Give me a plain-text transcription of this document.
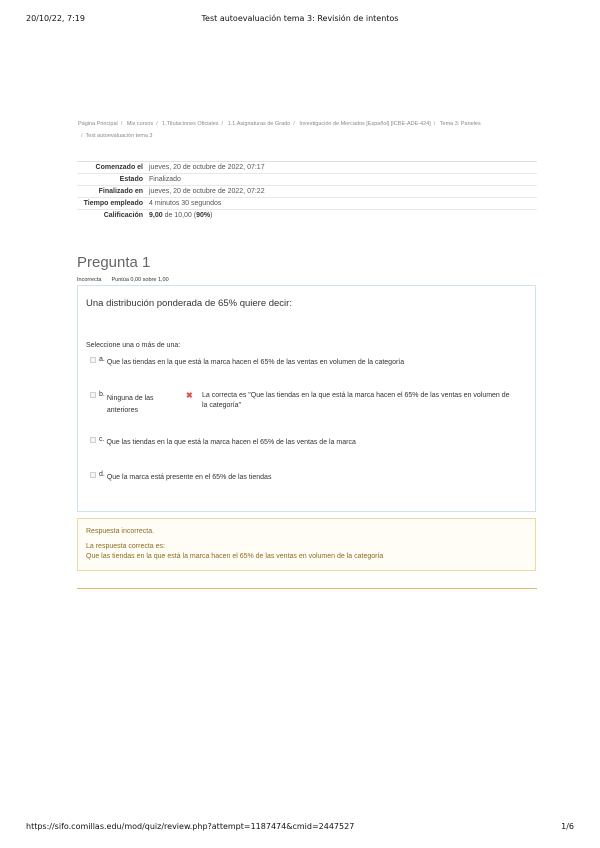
20/10/22, 7:19	Test autoevaluación tema 3: Revisión de intentos
Página Principal / Mis cursos / 1.Titulaciones Oficiales / 1.1.Asignaturas de Grado / Investigación de Mercados [Español] [ICBE-ADE-424] / Tema 3: Paneles
/ Test autoevaluación tema 3
Comenzado el	jueves, 20 de octubre de 2022, 07:17
Estado	Finalizado
Finalizado en	jueves, 20 de octubre de 2022, 07:22
Tiempo empleado	4 minutos 30 segundos
Calificación	9,00 de 10,00 (90%)
Pregunta 1
Incorrecta Puntúa 0,00 sobre 1,00
Una distribución ponderada de 65% quiere decir:
Seleccione una o más de una:
a. Que las tiendas en la que está la marca hacen el 65% de las ventas en volumen de la categoría
b.Ninguna de las anteriores
✖ La correcta es "Que las tiendas en la que está la marca hacen el 65% de las ventas en volumen de la categoría"
c. Que las tiendas en la que está la marca hacen el 65% de las ventas de la marca
d. Que la marca está presente en el 65% de las tiendas
Respuesta incorrecta.
La respuesta correcta es:
Que las tiendas en la que está la marca hacen el 65% de las ventas en volumen de la categoría
https://sifo.comillas.edu/mod/quiz/review.php?attempt=1187474&cmid=2447527	1/6
